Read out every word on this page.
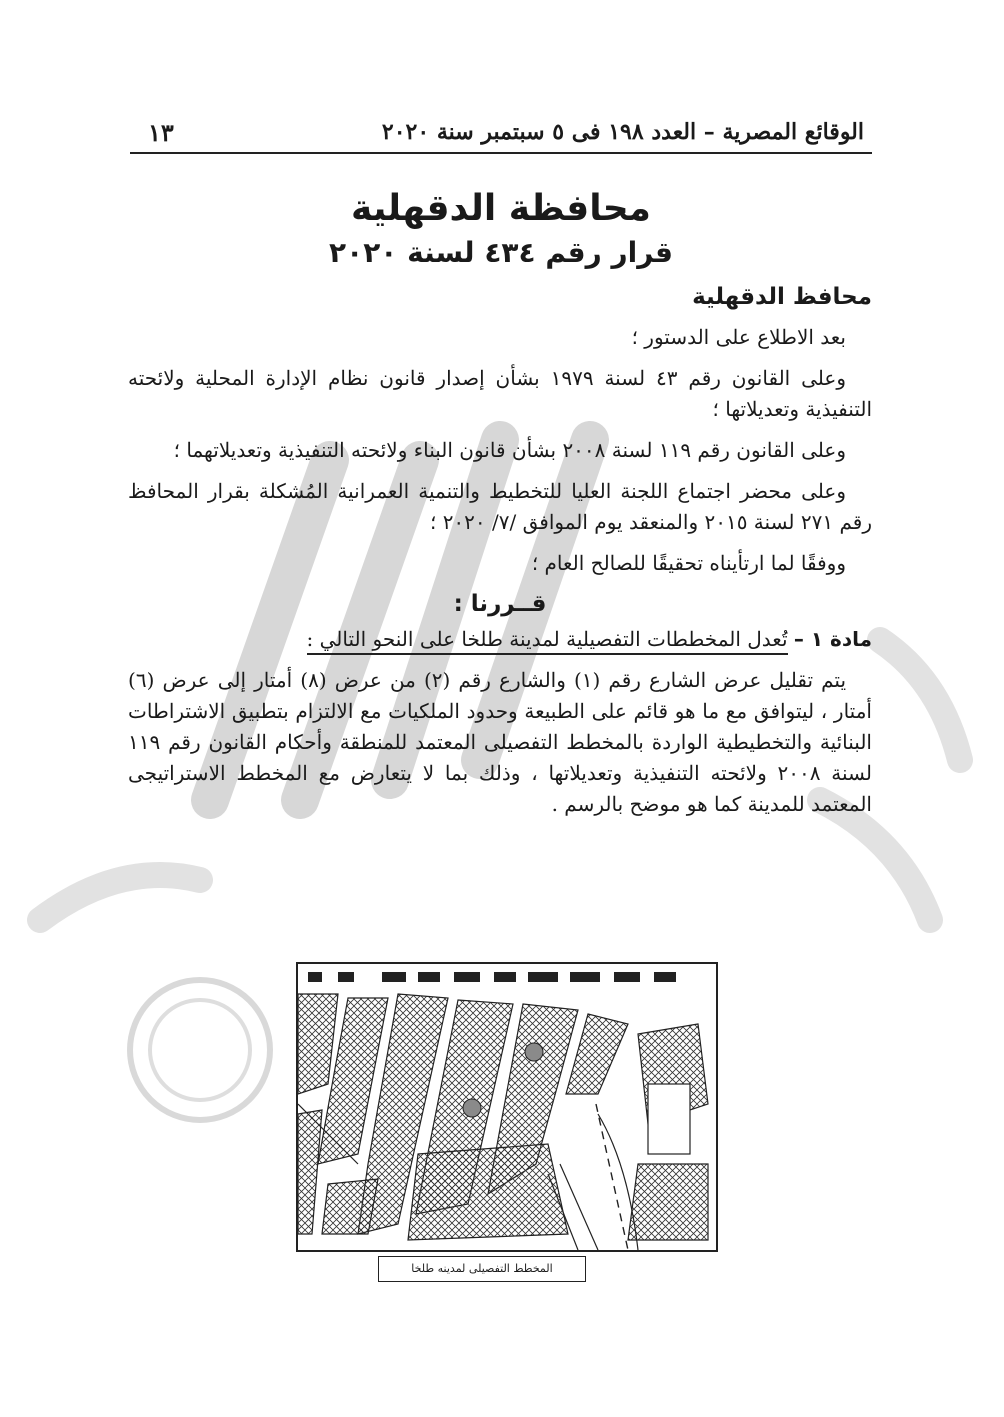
الوقائع المصرية – العدد ١٩٨ فى ٥ سبتمبر سنة ٢٠٢٠
١٣
محافظة الدقهلية
قرار رقم ٤٣٤ لسنة ٢٠٢٠
محافظ الدقهلية

بعد الاطلاع على الدستور ؛

وعلى القانون رقم ٤٣ لسنة ١٩٧٩ بشأن إصدار قانون نظام الإدارة المحلية ولائحته التنفيذية وتعديلاتها ؛

وعلى القانون رقم ١١٩ لسنة ٢٠٠٨ بشأن قانون البناء ولائحته التنفيذية وتعديلاتهما ؛

وعلى محضر اجتماع اللجنة العليا للتخطيط والتنمية العمرانية المُشكلة بقرار المحافظ رقم ٢٧١ لسنة ٢٠١٥ والمنعقد يوم الموافق /٧/ ٢٠٢٠ ؛

ووفقًا لما ارتأيناه تحقيقًا للصالح العام ؛

قــررنا :

مادة ١ – تُعدل المخططات التفصيلية لمدينة طلخا على النحو التالي :

يتم تقليل عرض الشارع رقم (١) والشارع رقم (٢) من عرض (٨) أمتار إلى عرض (٦) أمتار ، ليتوافق مع ما هو قائم على الطبيعة وحدود الملكيات مع الالتزام بتطبيق الاشتراطات البنائية والتخطيطية الواردة بالمخطط التفصيلى المعتمد للمنطقة وأحكام القانون رقم ١١٩ لسنة ٢٠٠٨ ولائحته التنفيذية وتعديلاتها ، وذلك بما لا يتعارض مع المخطط الاستراتيجى المعتمد للمدينة كما هو موضح بالرسم .

المخطط التفصيلى لمدينه طلخا
